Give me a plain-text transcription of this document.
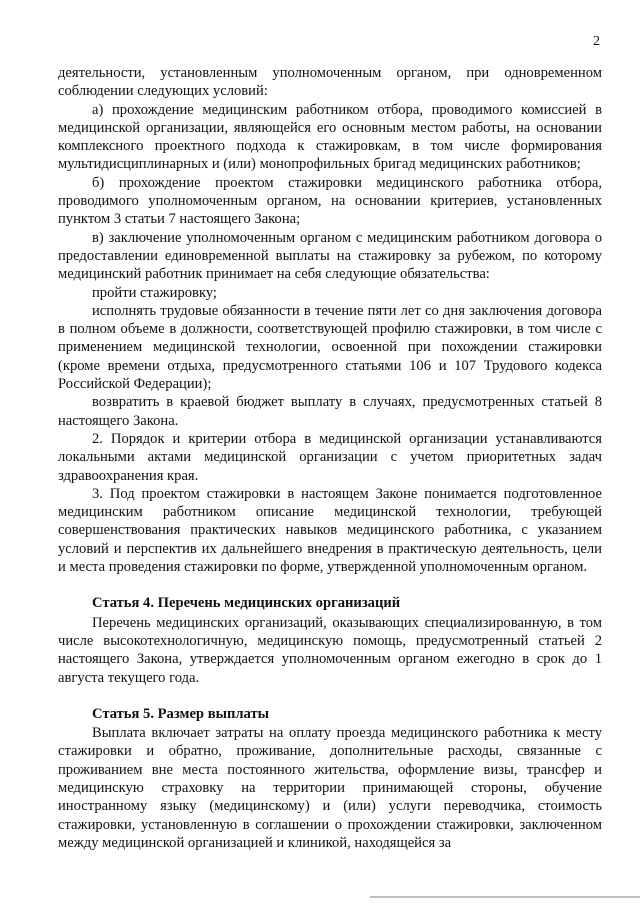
2

деятельности, установленным уполномоченным органом, при одновременном соблюдении следующих условий:

а) прохождение медицинским работником отбора, проводимого комиссией в медицинской организации, являющейся его основным местом работы, на основании комплексного проектного подхода к стажировкам, в том числе формирования мультидисциплинарных и (или) монопрофильных бригад медицинских работников;

б) прохождение проектом стажировки медицинского работника отбора, проводимого уполномоченным органом, на основании критериев, установленных пунктом 3 статьи 7 настоящего Закона;

в) заключение уполномоченным органом с медицинским работником договора о предоставлении единовременной выплаты на стажировку за рубежом, по которому медицинский работник принимает на себя следующие обязательства:

пройти стажировку;

исполнять трудовые обязанности в течение пяти лет со дня заключения договора в полном объеме в должности, соответствующей профилю стажировки, в том числе с применением медицинской технологии, освоенной при похождении стажировки (кроме времени отдыха, предусмотренного статьями 106 и 107 Трудового кодекса Российской Федерации);

возвратить в краевой бюджет выплату в случаях, предусмотренных статьей 8 настоящего Закона.

2. Порядок и критерии отбора в медицинской организации устанавливаются локальными актами медицинской организации с учетом приоритетных задач здравоохранения края.

3. Под проектом стажировки в настоящем Законе понимается подготовленное медицинским работником описание медицинской технологии, требующей совершенствования практических навыков медицинского работника, с указанием условий и перспектив их дальнейшего внедрения в практическую деятельность, цели и места проведения стажировки по форме, утвержденной уполномоченным органом.

Статья 4. Перечень медицинских организаций

Перечень медицинских организаций, оказывающих специализированную, в том числе высокотехнологичную, медицинскую помощь, предусмотренный статьей 2 настоящего Закона, утверждается уполномоченным органом ежегодно в срок до 1 августа текущего года.

Статья 5. Размер выплаты

Выплата включает затраты на оплату проезда медицинского работника к месту стажировки и обратно, проживание, дополнительные расходы, связанные с проживанием вне места постоянного жительства, оформление визы, трансфер и медицинскую страховку на территории принимающей стороны, обучение иностранному языку (медицинскому) и (или) услуги переводчика, стоимость стажировки, установленную в соглашении о прохождении стажировки, заключенном между медицинской организацией и клиникой, находящейся за
